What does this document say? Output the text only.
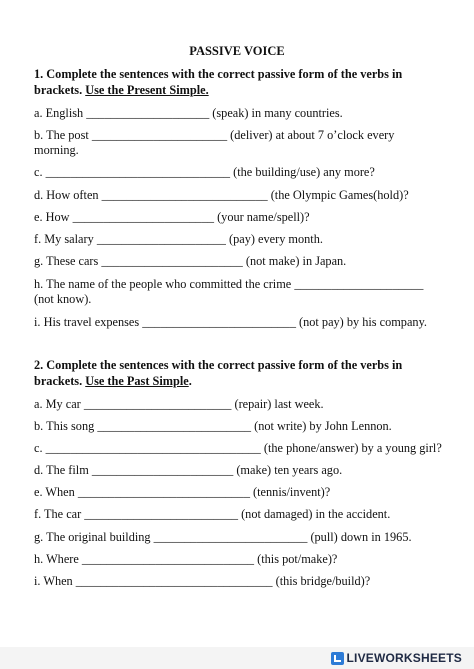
PASSIVE VOICE
1. Complete the sentences with the correct passive form of the verbs in
brackets. Use the Present Simple.
a. English ____________________ (speak) in many countries.
b. The post ______________________ (deliver) at about 7 o’clock every
morning.
c. ______________________________ (the building/use) any more?
d. How often ___________________________ (the Olympic Games(hold)?
e. How _______________________ (your name/spell)?
f. My salary _____________________ (pay) every month.
g. These cars _______________________ (not make) in Japan.
h. The name of the people who committed the crime _____________________
(not know).
i. His travel expenses _________________________ (not pay) by his company.
2. Complete the sentences with the correct passive form of the verbs in
brackets. Use the Past Simple.
a. My car ________________________ (repair) last week.
b. This song _________________________ (not write) by John Lennon.
c. ___________________________________ (the phone/answer) by a young girl?
d. The film _______________________ (make) ten years ago.
e. When ____________________________ (tennis/invent)?
f. The car _________________________ (not damaged) in the accident.
g. The original building _________________________ (pull) down in 1965.
h. Where ____________________________ (this pot/make)?
i. When ________________________________ (this bridge/build)?
LIVEWORKSHEETS
